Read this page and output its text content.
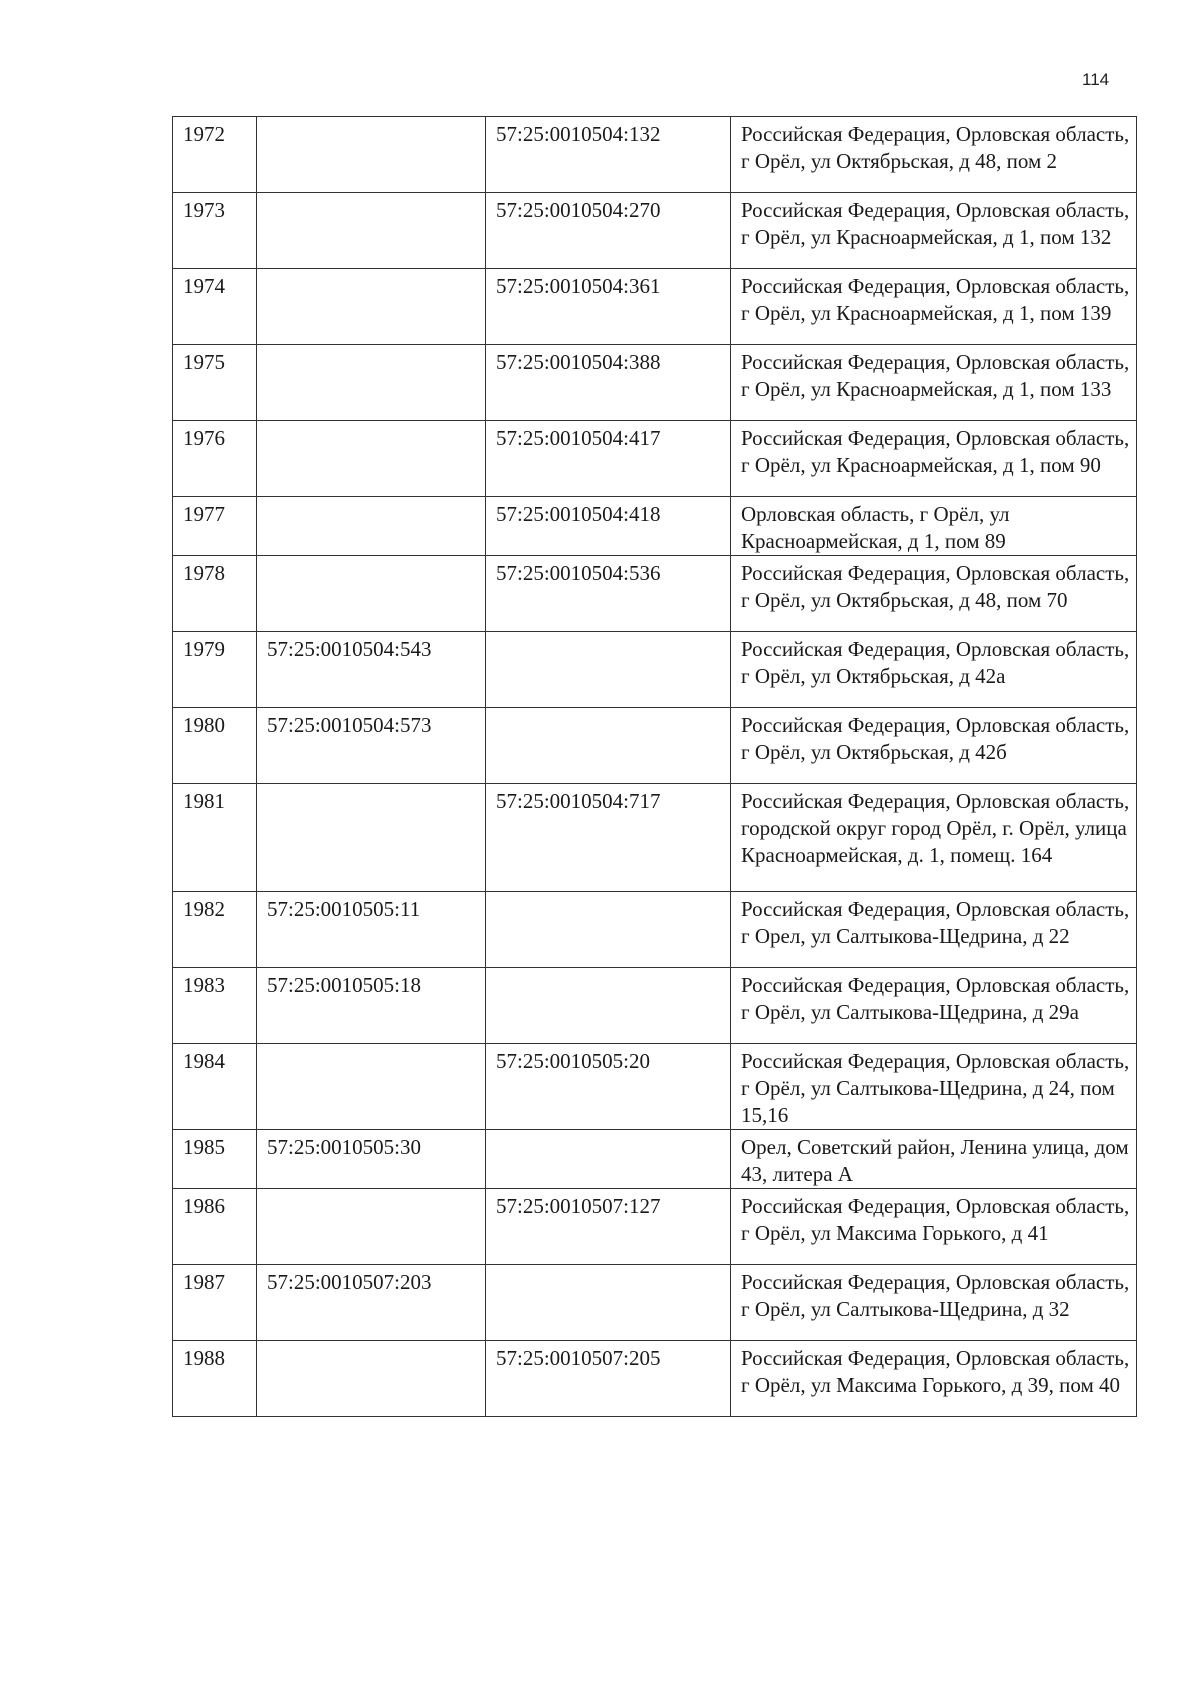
114
1972		57:25:0010504:132	Российская Федерация, Орловская область, г Орёл, ул Октябрьская, д 48, пом 2
1973		57:25:0010504:270	Российская Федерация, Орловская область, г Орёл, ул Красноармейская, д 1, пом 132
1974		57:25:0010504:361	Российская Федерация, Орловская область, г Орёл, ул Красноармейская, д 1, пом 139
1975		57:25:0010504:388	Российская Федерация, Орловская область, г Орёл, ул Красноармейская, д 1, пом 133
1976		57:25:0010504:417	Российская Федерация, Орловская область, г Орёл, ул Красноармейская, д 1, пом 90
1977		57:25:0010504:418	Орловская область, г Орёл, ул Красноармейская, д 1, пом 89
1978		57:25:0010504:536	Российская Федерация, Орловская область, г Орёл, ул Октябрьская, д 48, пом 70
1979	57:25:0010504:543		Российская Федерация, Орловская область, г Орёл, ул Октябрьская, д 42а
1980	57:25:0010504:573		Российская Федерация, Орловская область, г Орёл, ул Октябрьская, д 42б
1981		57:25:0010504:717	Российская Федерация, Орловская область, городской округ город Орёл, г. Орёл, улица Красноармейская, д. 1, помещ. 164
1982	57:25:0010505:11		Российская Федерация, Орловская область, г Орел, ул Салтыкова-Щедрина, д 22
1983	57:25:0010505:18		Российская Федерация, Орловская область, г Орёл, ул Салтыкова-Щедрина, д 29а
1984		57:25:0010505:20	Российская Федерация, Орловская область, г Орёл, ул Салтыкова-Щедрина, д 24, пом 15,16
1985	57:25:0010505:30		Орел, Советский район, Ленина улица, дом 43, литера А
1986		57:25:0010507:127	Российская Федерация, Орловская область, г Орёл, ул Максима Горького, д 41
1987	57:25:0010507:203		Российская Федерация, Орловская область, г Орёл, ул Салтыкова-Щедрина, д 32
1988		57:25:0010507:205	Российская Федерация, Орловская область, г Орёл, ул Максима Горького, д 39, пом 40
